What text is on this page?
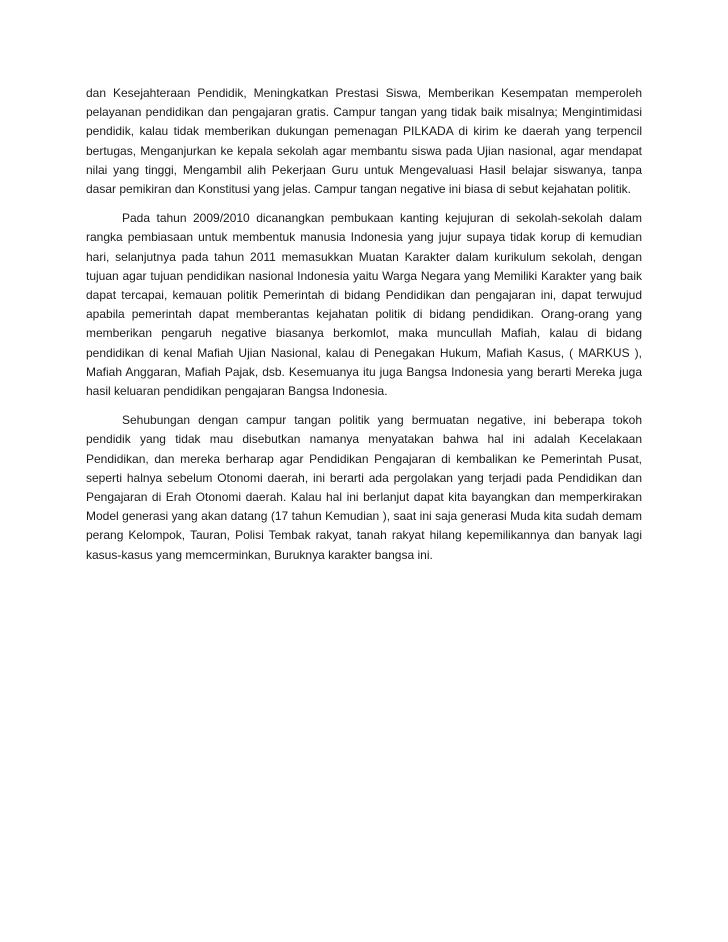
dan Kesejahteraan Pendidik, Meningkatkan Prestasi Siswa, Memberikan Kesempatan memperoleh pelayanan pendidikan dan pengajaran gratis. Campur tangan yang tidak baik misalnya; Mengintimidasi pendidik, kalau tidak memberikan dukungan pemenagan PILKADA di kirim ke daerah yang terpencil bertugas, Menganjurkan ke kepala sekolah agar membantu siswa pada Ujian nasional, agar mendapat nilai yang tinggi, Mengambil alih Pekerjaan Guru untuk Mengevaluasi Hasil belajar siswanya, tanpa dasar pemikiran dan Konstitusi yang jelas. Campur tangan negative ini biasa di sebut kejahatan politik.

Pada tahun 2009/2010 dicanangkan pembukaan kanting kejujuran di sekolah-sekolah dalam rangka pembiasaan untuk membentuk manusia Indonesia yang jujur supaya tidak korup di kemudian hari, selanjutnya pada tahun 2011 memasukkan Muatan Karakter dalam kurikulum sekolah, dengan tujuan agar tujuan pendidikan nasional Indonesia yaitu Warga Negara yang Memiliki Karakter yang baik dapat tercapai, kemauan politik Pemerintah di bidang Pendidikan dan pengajaran ini, dapat terwujud apabila pemerintah dapat memberantas kejahatan politik di bidang pendidikan. Orang-orang yang memberikan pengaruh negative biasanya berkomlot, maka muncullah Mafiah, kalau di bidang pendidikan di kenal Mafiah Ujian Nasional, kalau di Penegakan Hukum, Mafiah Kasus, ( MARKUS ), Mafiah Anggaran, Mafiah Pajak, dsb. Kesemuanya itu juga Bangsa Indonesia yang berarti Mereka juga hasil keluaran pendidikan pengajaran Bangsa Indonesia.

Sehubungan dengan campur tangan politik yang bermuatan negative, ini beberapa tokoh pendidik yang tidak mau disebutkan namanya menyatakan bahwa hal ini adalah Kecelakaan Pendidikan, dan mereka berharap agar Pendidikan Pengajaran di kembalikan ke Pemerintah Pusat, seperti halnya sebelum Otonomi daerah, ini berarti ada pergolakan yang terjadi pada Pendidikan dan Pengajaran di Erah Otonomi daerah. Kalau hal ini berlanjut dapat kita bayangkan dan memperkirakan Model generasi yang akan datang (17 tahun Kemudian ), saat ini saja generasi Muda kita sudah demam perang Kelompok, Tauran, Polisi Tembak rakyat, tanah rakyat hilang kepemilikannya dan banyak lagi kasus-kasus yang memcerminkan, Buruknya karakter bangsa ini.
